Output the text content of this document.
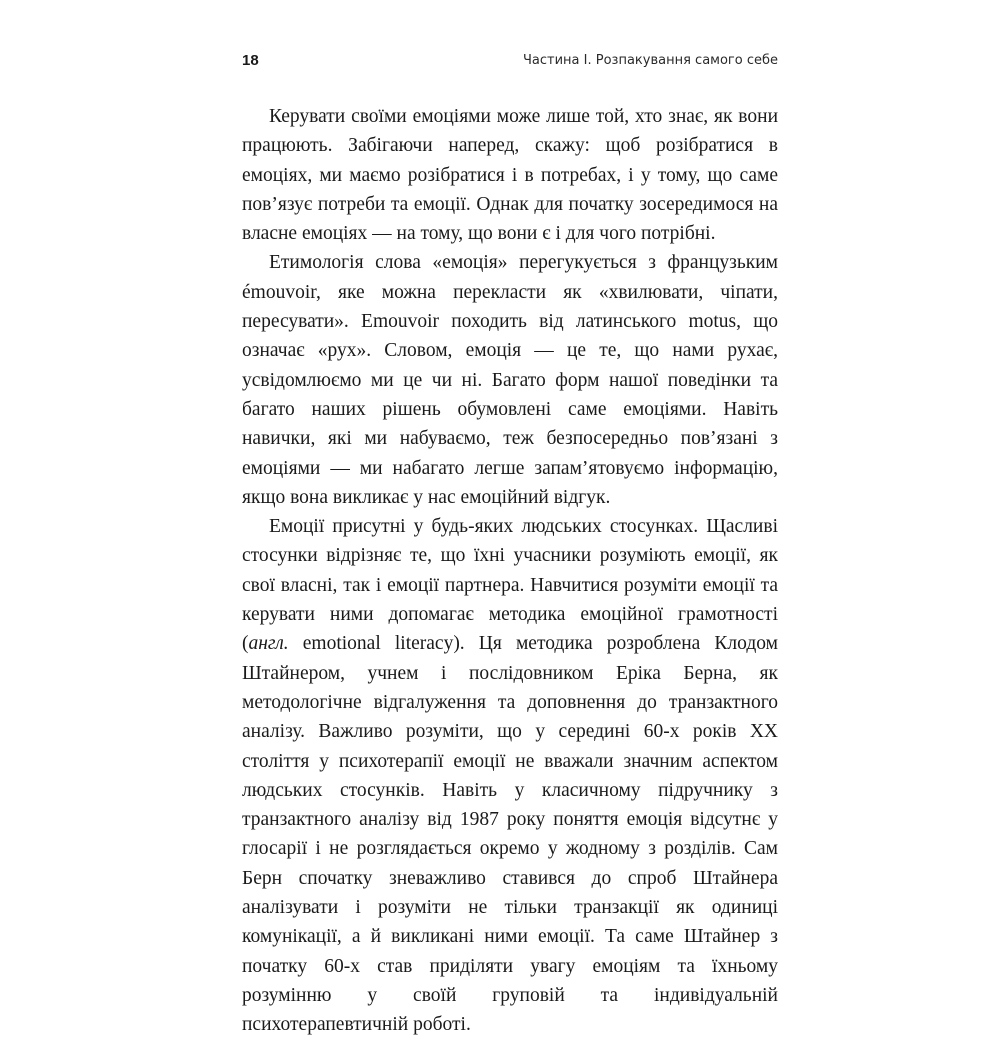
18	Частина І. Розпакування самого себе

Керувати своїми емоціями може лише той, хто знає, як вони працюють. Забігаючи наперед, скажу: щоб розібратися в емоціях, ми маємо розібратися і в потребах, і у тому, що саме пов’язує потреби та емоції. Однак для початку зосередимося на власне емоціях — на тому, що вони є і для чого потрібні.

Етимологія слова «емоція» перегукується з французьким émouvoir, яке можна перекласти як «хвилювати, чіпати, пересувати». Emouvoir походить від латинського motus, що означає «рух». Словом, емоція — це те, що нами рухає, усвідомлюємо ми це чи ні. Багато форм нашої поведінки та багато наших рішень обумовлені саме емоціями. Навіть навички, які ми набуваємо, теж безпосередньо пов’язані з емоціями — ми набагато легше запам’ятовуємо інформацію, якщо вона викликає у нас емоційний відгук.

Емоції присутні у будь-яких людських стосунках. Щасливі стосунки відрізняє те, що їхні учасники розуміють емоції, як свої власні, так і емоції партнера. Навчитися розуміти емоції та керувати ними допомагає методика емоційної грамотності (англ. emotional literacy). Ця методика розроблена Клодом Штайнером, учнем і послідовником Еріка Берна, як методологічне відгалуження та доповнення до транзактного аналізу. Важливо розуміти, що у середині 60-х років XX століття у психотерапії емоції не вважали значним аспектом людських стосунків. Навіть у класичному підручнику з транзактного аналізу від 1987 року поняття емоція відсутнє у глосарії і не розглядається окремо у жодному з розділів. Сам Берн спочатку зневажливо ставився до спроб Штайнера аналізувати і розуміти не тільки транзакції як одиниці комунікації, а й викликані ними емоції. Та саме Штайнер з початку 60-х став приділяти увагу емоціям та їхньому розумінню у своїй груповій та індивідуальній психотерапевтичній роботі.
